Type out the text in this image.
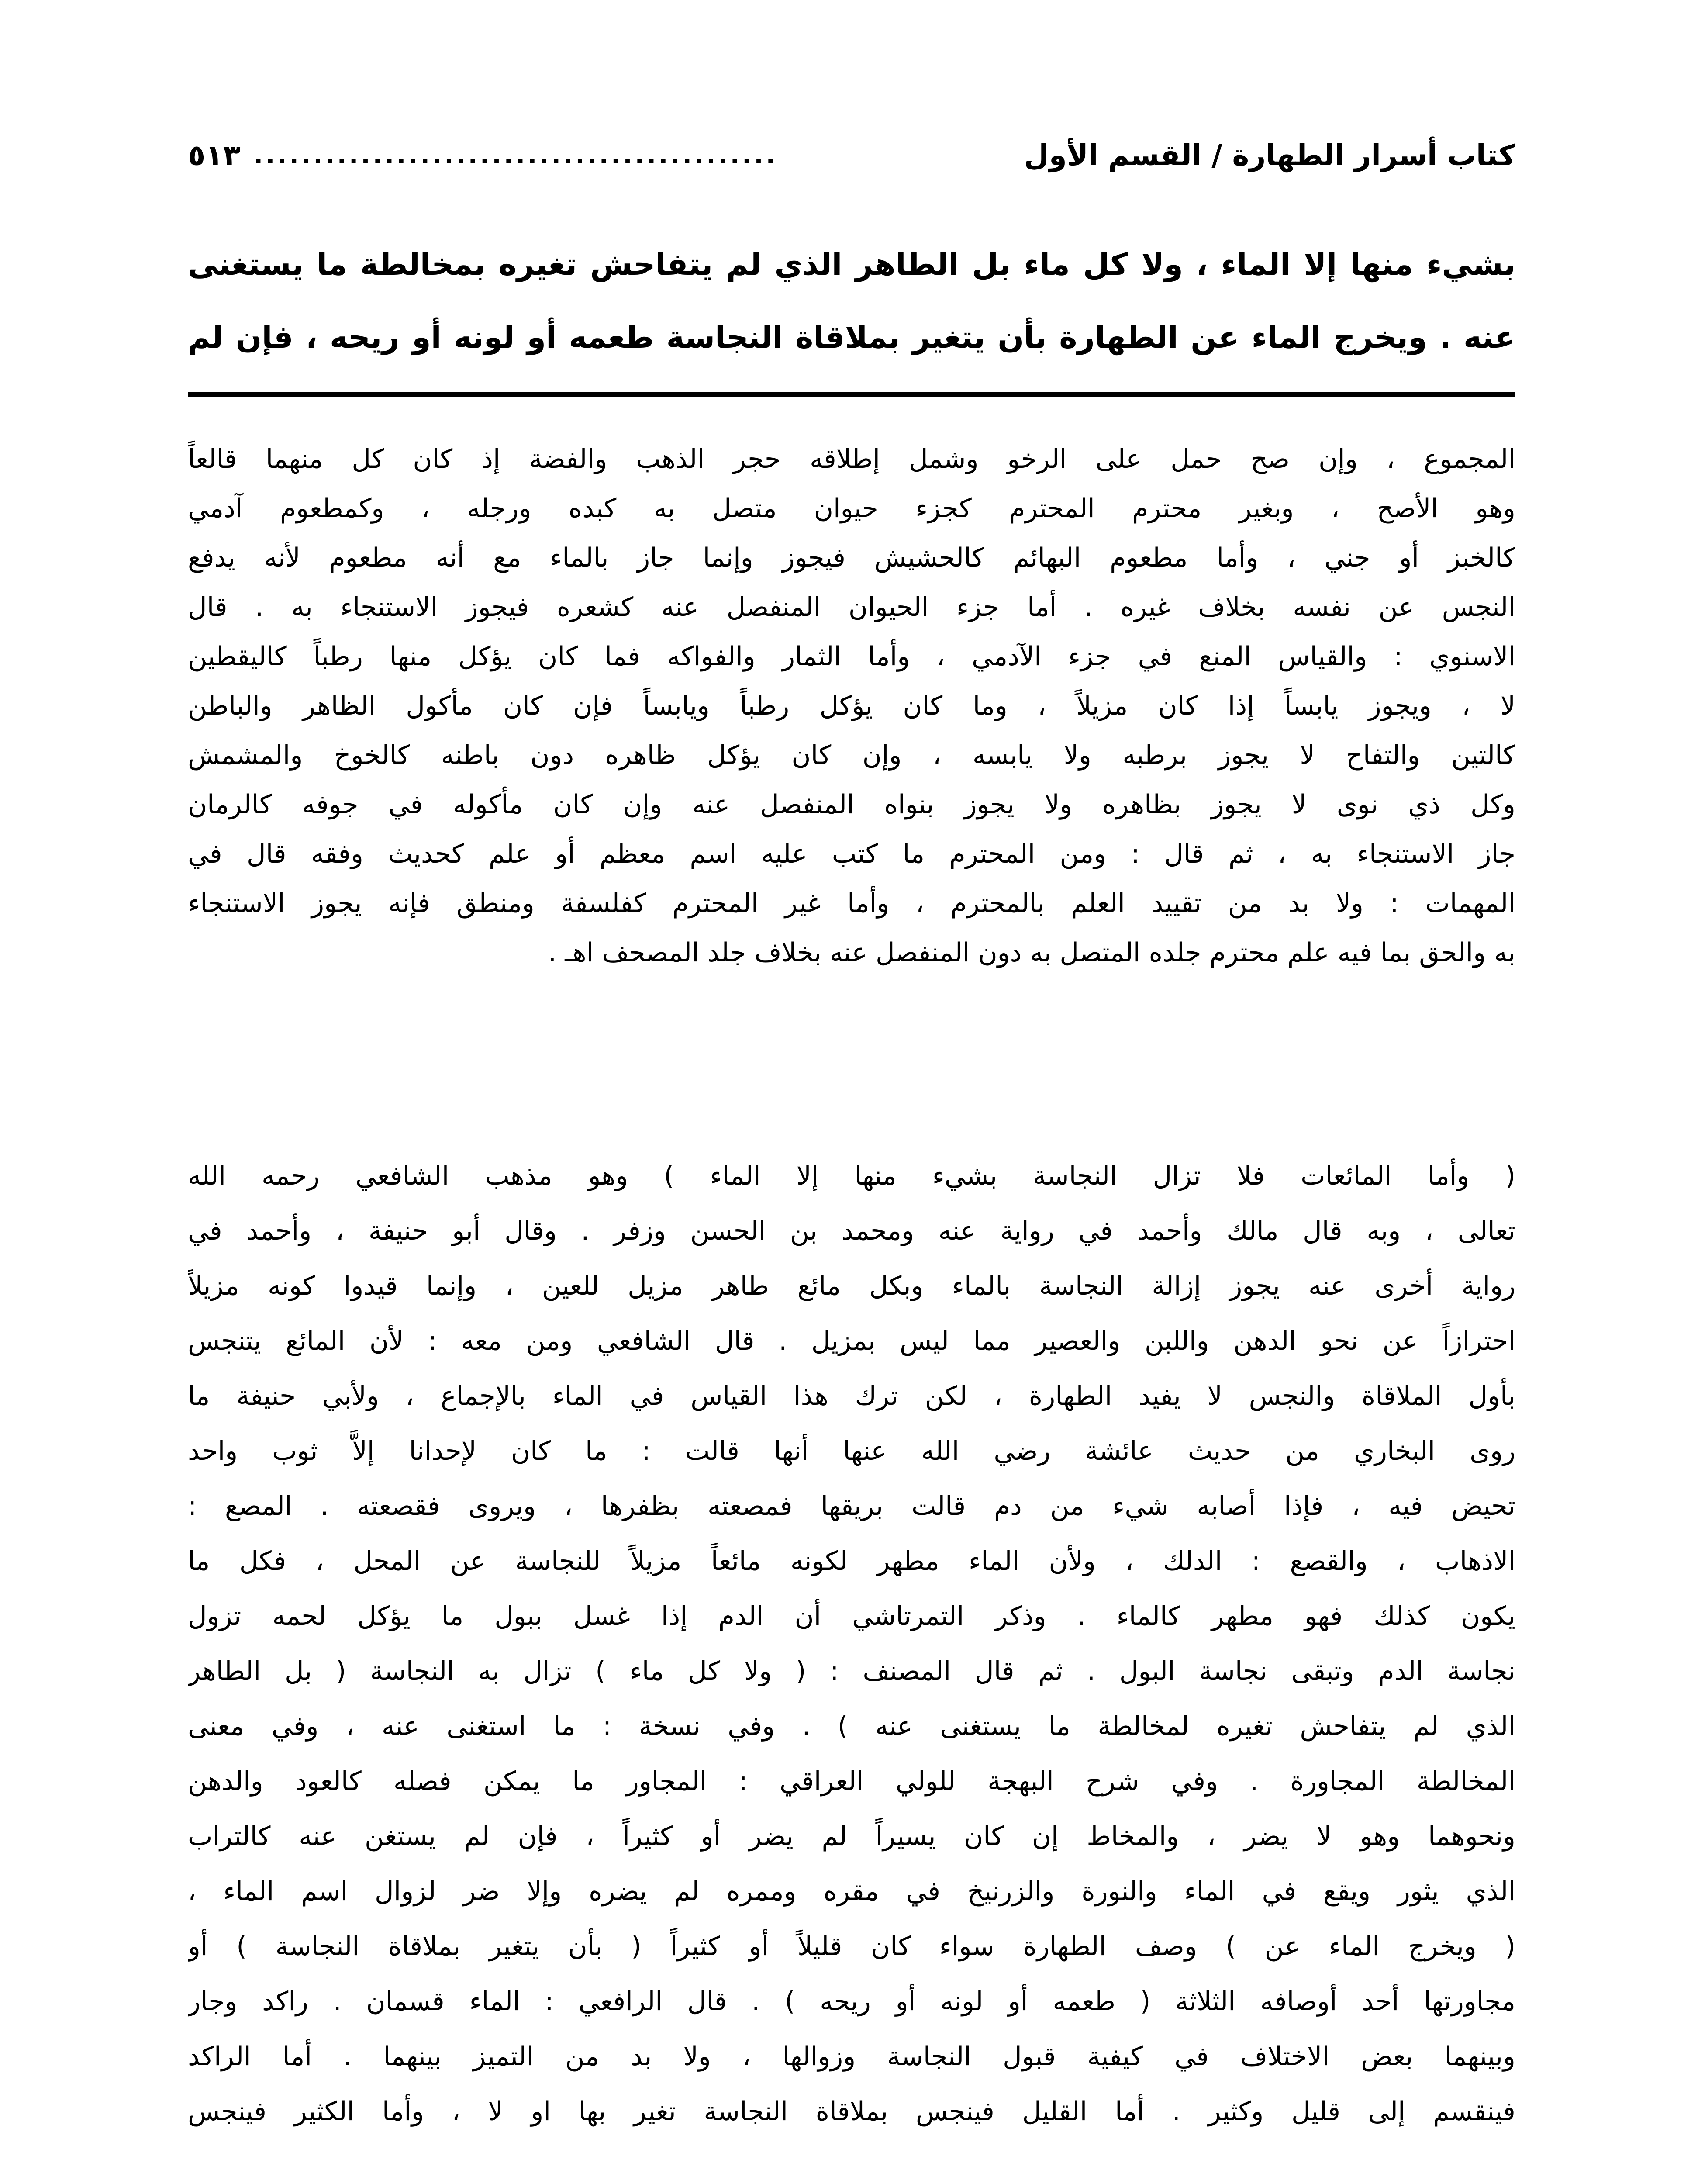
كتاب أسرار الطهارة / القسم الأول
............................................
٥١٣
بشيء منها إلا الماء ، ولا كل ماء بل الطاهر الذي لم يتفاحش تغيره بمخالطة ما يستغنى
عنه . ويخرج الماء عن الطهارة بأن يتغير بملاقاة النجاسة طعمه أو لونه أو ريحه ، فإن لم
المجموع ، وإن صح حمل على الرخو وشمل إطلاقه حجر الذهب والفضة إذ كان كل منهما قالعاً
وهو الأصح ، وبغير محترم المحترم كجزء حيوان متصل به كبده ورجله ، وكمطعوم آدمي
كالخبز أو جني ، وأما مطعوم البهائم كالحشيش فيجوز وإنما جاز بالماء مع أنه مطعوم لأنه يدفع
النجس عن نفسه بخلاف غيره . أما جزء الحيوان المنفصل عنه كشعره فيجوز الاستنجاء به . قال
الاسنوي : والقياس المنع في جزء الآدمي ، وأما الثمار والفواكه فما كان يؤكل منها رطباً كاليقطين
لا ، ويجوز يابساً إذا كان مزيلاً ، وما كان يؤكل رطباً ويابساً فإن كان مأكول الظاهر والباطن
كالتين والتفاح لا يجوز برطبه ولا يابسه ، وإن كان يؤكل ظاهره دون باطنه كالخوخ والمشمش
وكل ذي نوى لا يجوز بظاهره ولا يجوز بنواه المنفصل عنه وإن كان مأكوله في جوفه كالرمان
جاز الاستنجاء به ، ثم قال : ومن المحترم ما كتب عليه اسم معظم أو علم كحديث وفقه قال في
المهمات : ولا بد من تقييد العلم بالمحترم ، وأما غير المحترم كفلسفة ومنطق فإنه يجوز الاستنجاء
به والحق بما فيه علم محترم جلده المتصل به دون المنفصل عنه بخلاف جلد المصحف اهـ .
( وأما المائعات فلا تزال النجاسة بشيء منها إلا الماء ) وهو مذهب الشافعي رحمه الله
تعالى ، وبه قال مالك وأحمد في رواية عنه ومحمد بن الحسن وزفر . وقال أبو حنيفة ، وأحمد في
رواية أخرى عنه يجوز إزالة النجاسة بالماء وبكل مائع طاهر مزيل للعين ، وإنما قيدوا كونه مزيلاً
احترازاً عن نحو الدهن واللبن والعصير مما ليس بمزيل . قال الشافعي ومن معه : لأن المائع يتنجس
بأول الملاقاة والنجس لا يفيد الطهارة ، لكن ترك هذا القياس في الماء بالإجماع ، ولأبي حنيفة ما
روى البخاري من حديث عائشة رضي الله عنها أنها قالت : ما كان لإحدانا إلاَّ ثوب واحد
تحيض فيه ، فإذا أصابه شيء من دم قالت بريقها فمصعته بظفرها ، ويروى فقصعته . المصع :
الاذهاب ، والقصع : الدلك ، ولأن الماء مطهر لكونه مائعاً مزيلاً للنجاسة عن المحل ، فكل ما
يكون كذلك فهو مطهر كالماء . وذكر التمرتاشي أن الدم إذا غسل ببول ما يؤكل لحمه تزول
نجاسة الدم وتبقى نجاسة البول . ثم قال المصنف : ( ولا كل ماء ) تزال به النجاسة ( بل الطاهر
الذي لم يتفاحش تغيره لمخالطة ما يستغنى عنه ) . وفي نسخة : ما استغنى عنه ، وفي معنى
المخالطة المجاورة . وفي شرح البهجة للولي العراقي : المجاور ما يمكن فصله كالعود والدهن
ونحوهما وهو لا يضر ، والمخاط إن كان يسيراً لم يضر أو كثيراً ، فإن لم يستغن عنه كالتراب
الذي يثور ويقع في الماء والنورة والزرنيخ في مقره وممره لم يضره وإلا ضر لزوال اسم الماء ،
( ويخرج الماء عن ) وصف الطهارة سواء كان قليلاً أو كثيراً ( بأن يتغير بملاقاة النجاسة ) أو
مجاورتها أحد أوصافه الثلاثة ( طعمه أو لونه أو ريحه ) . قال الرافعي : الماء قسمان . راكد وجار
وبينهما بعض الاختلاف في كيفية قبول النجاسة وزوالها ، ولا بد من التميز بينهما . أما الراكد
فينقسم إلى قليل وكثير . أما القليل فينجس بملاقاة النجاسة تغير بها او لا ، وأما الكثير فينجس
